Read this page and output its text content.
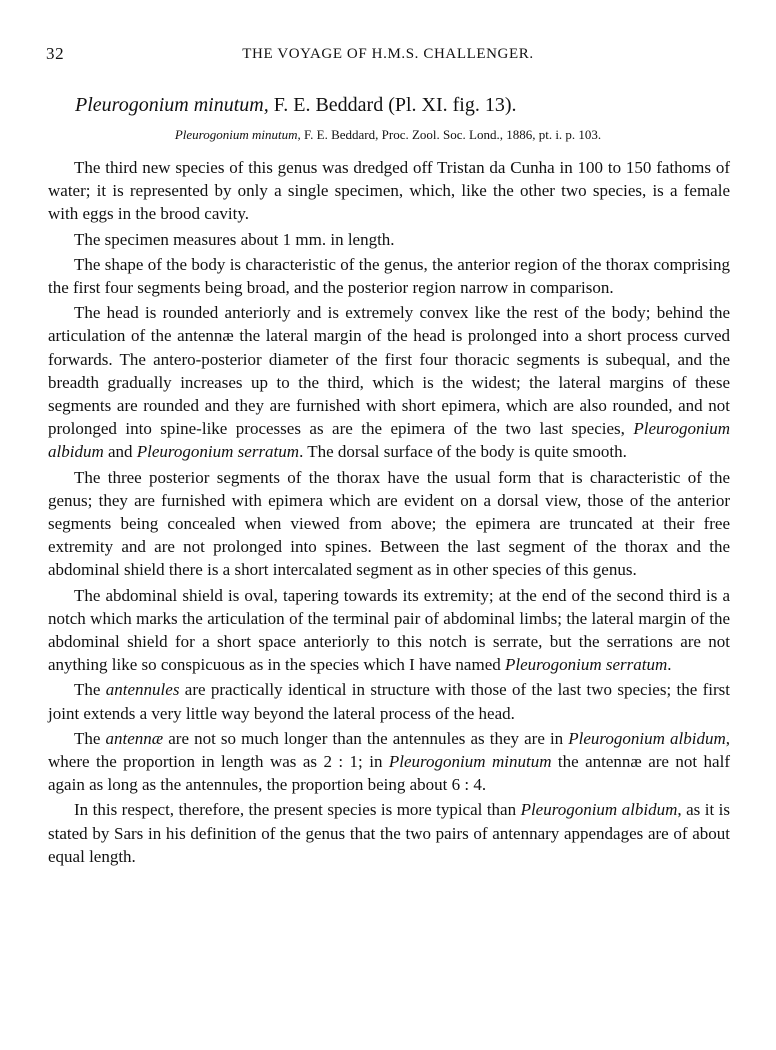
32	THE VOYAGE OF H.M.S. CHALLENGER.
Pleurogonium minutum, F. E. Beddard (Pl. XI. fig. 13).
Pleurogonium minutum, F. E. Beddard, Proc. Zool. Soc. Lond., 1886, pt. i. p. 103.

The third new species of this genus was dredged off Tristan da Cunha in 100 to 150 fathoms of water; it is represented by only a single specimen, which, like the other two species, is a female with eggs in the brood cavity.

The specimen measures about 1 mm. in length.

The shape of the body is characteristic of the genus, the anterior region of the thorax comprising the first four segments being broad, and the posterior region narrow in comparison.

The head is rounded anteriorly and is extremely convex like the rest of the body; behind the articulation of the antennæ the lateral margin of the head is prolonged into a short process curved forwards. The antero-posterior diameter of the first four thoracic segments is subequal, and the breadth gradually increases up to the third, which is the widest; the lateral margins of these segments are rounded and they are furnished with short epimera, which are also rounded, and not prolonged into spine-like processes as are the epimera of the two last species, Pleurogonium albidum and Pleurogonium serratum. The dorsal surface of the body is quite smooth.

The three posterior segments of the thorax have the usual form that is characteristic of the genus; they are furnished with epimera which are evident on a dorsal view, those of the anterior segments being concealed when viewed from above; the epimera are truncated at their free extremity and are not prolonged into spines. Between the last segment of the thorax and the abdominal shield there is a short intercalated segment as in other species of this genus.

The abdominal shield is oval, tapering towards its extremity; at the end of the second third is a notch which marks the articulation of the terminal pair of abdominal limbs; the lateral margin of the abdominal shield for a short space anteriorly to this notch is serrate, but the serrations are not anything like so conspicuous as in the species which I have named Pleurogonium serratum.

The antennules are practically identical in structure with those of the last two species; the first joint extends a very little way beyond the lateral process of the head.

The antennæ are not so much longer than the antennules as they are in Pleurogonium albidum, where the proportion in length was as 2 : 1; in Pleurogonium minutum the antennæ are not half again as long as the antennules, the proportion being about 6 : 4.

In this respect, therefore, the present species is more typical than Pleurogonium albidum, as it is stated by Sars in his definition of the genus that the two pairs of antennary appendages are of about equal length.
